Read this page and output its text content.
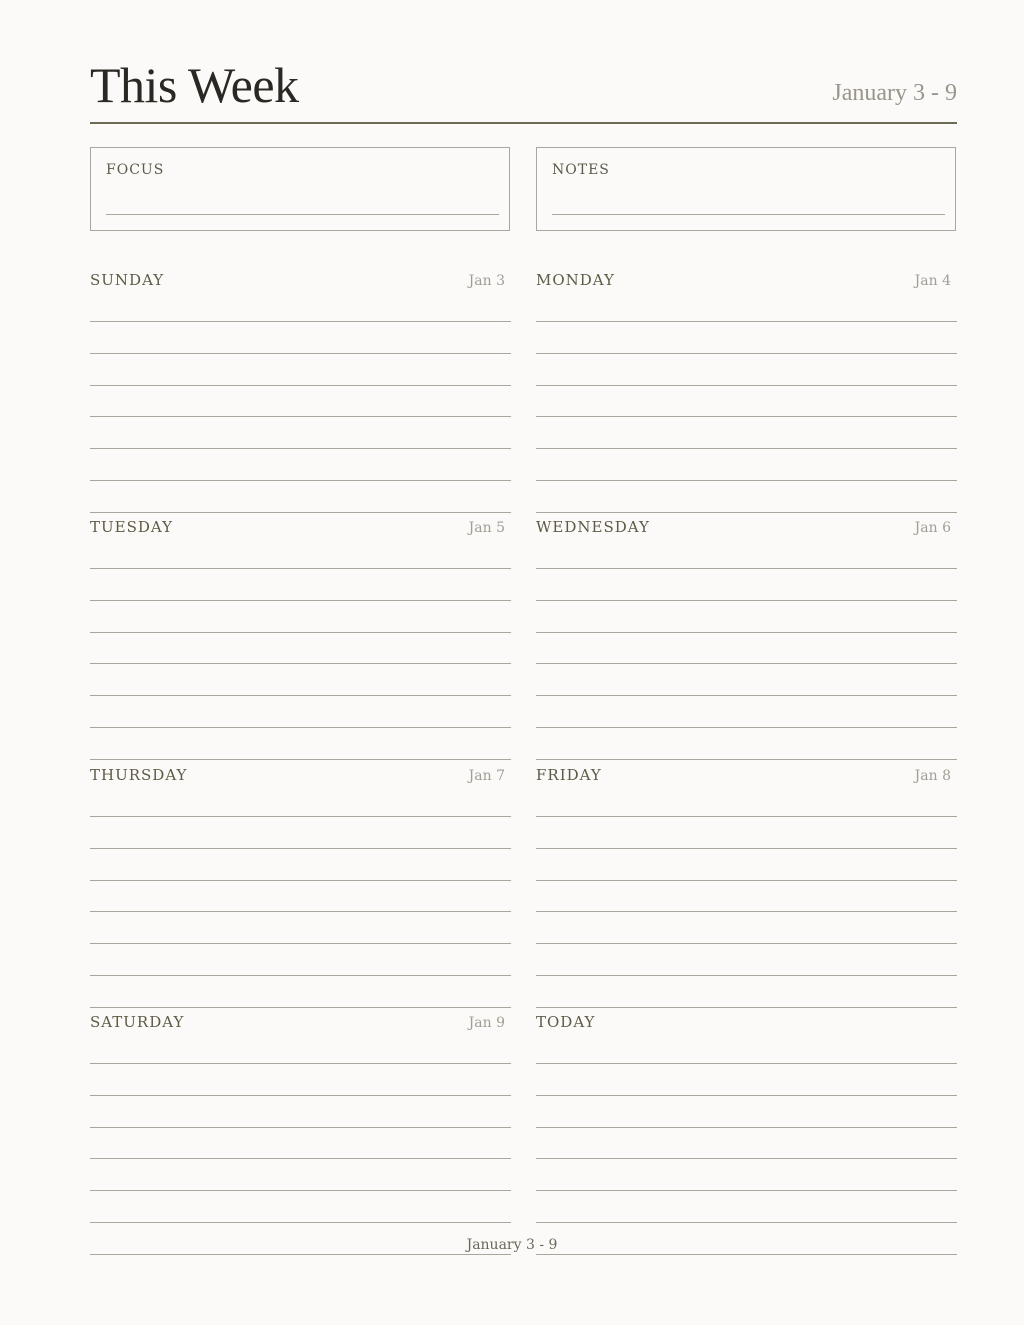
This Week	January 3 - 9
FOCUS	NOTES
SUNDAY	Jan 3 MONDAY	Jan 4
TUESDAY	Jan 5 WEDNESDAY	Jan 6
THURSDAY	Jan 7 FRIDAY	Jan 8
SATURDAY	Jan 9 TODAY
January 3 - 9
